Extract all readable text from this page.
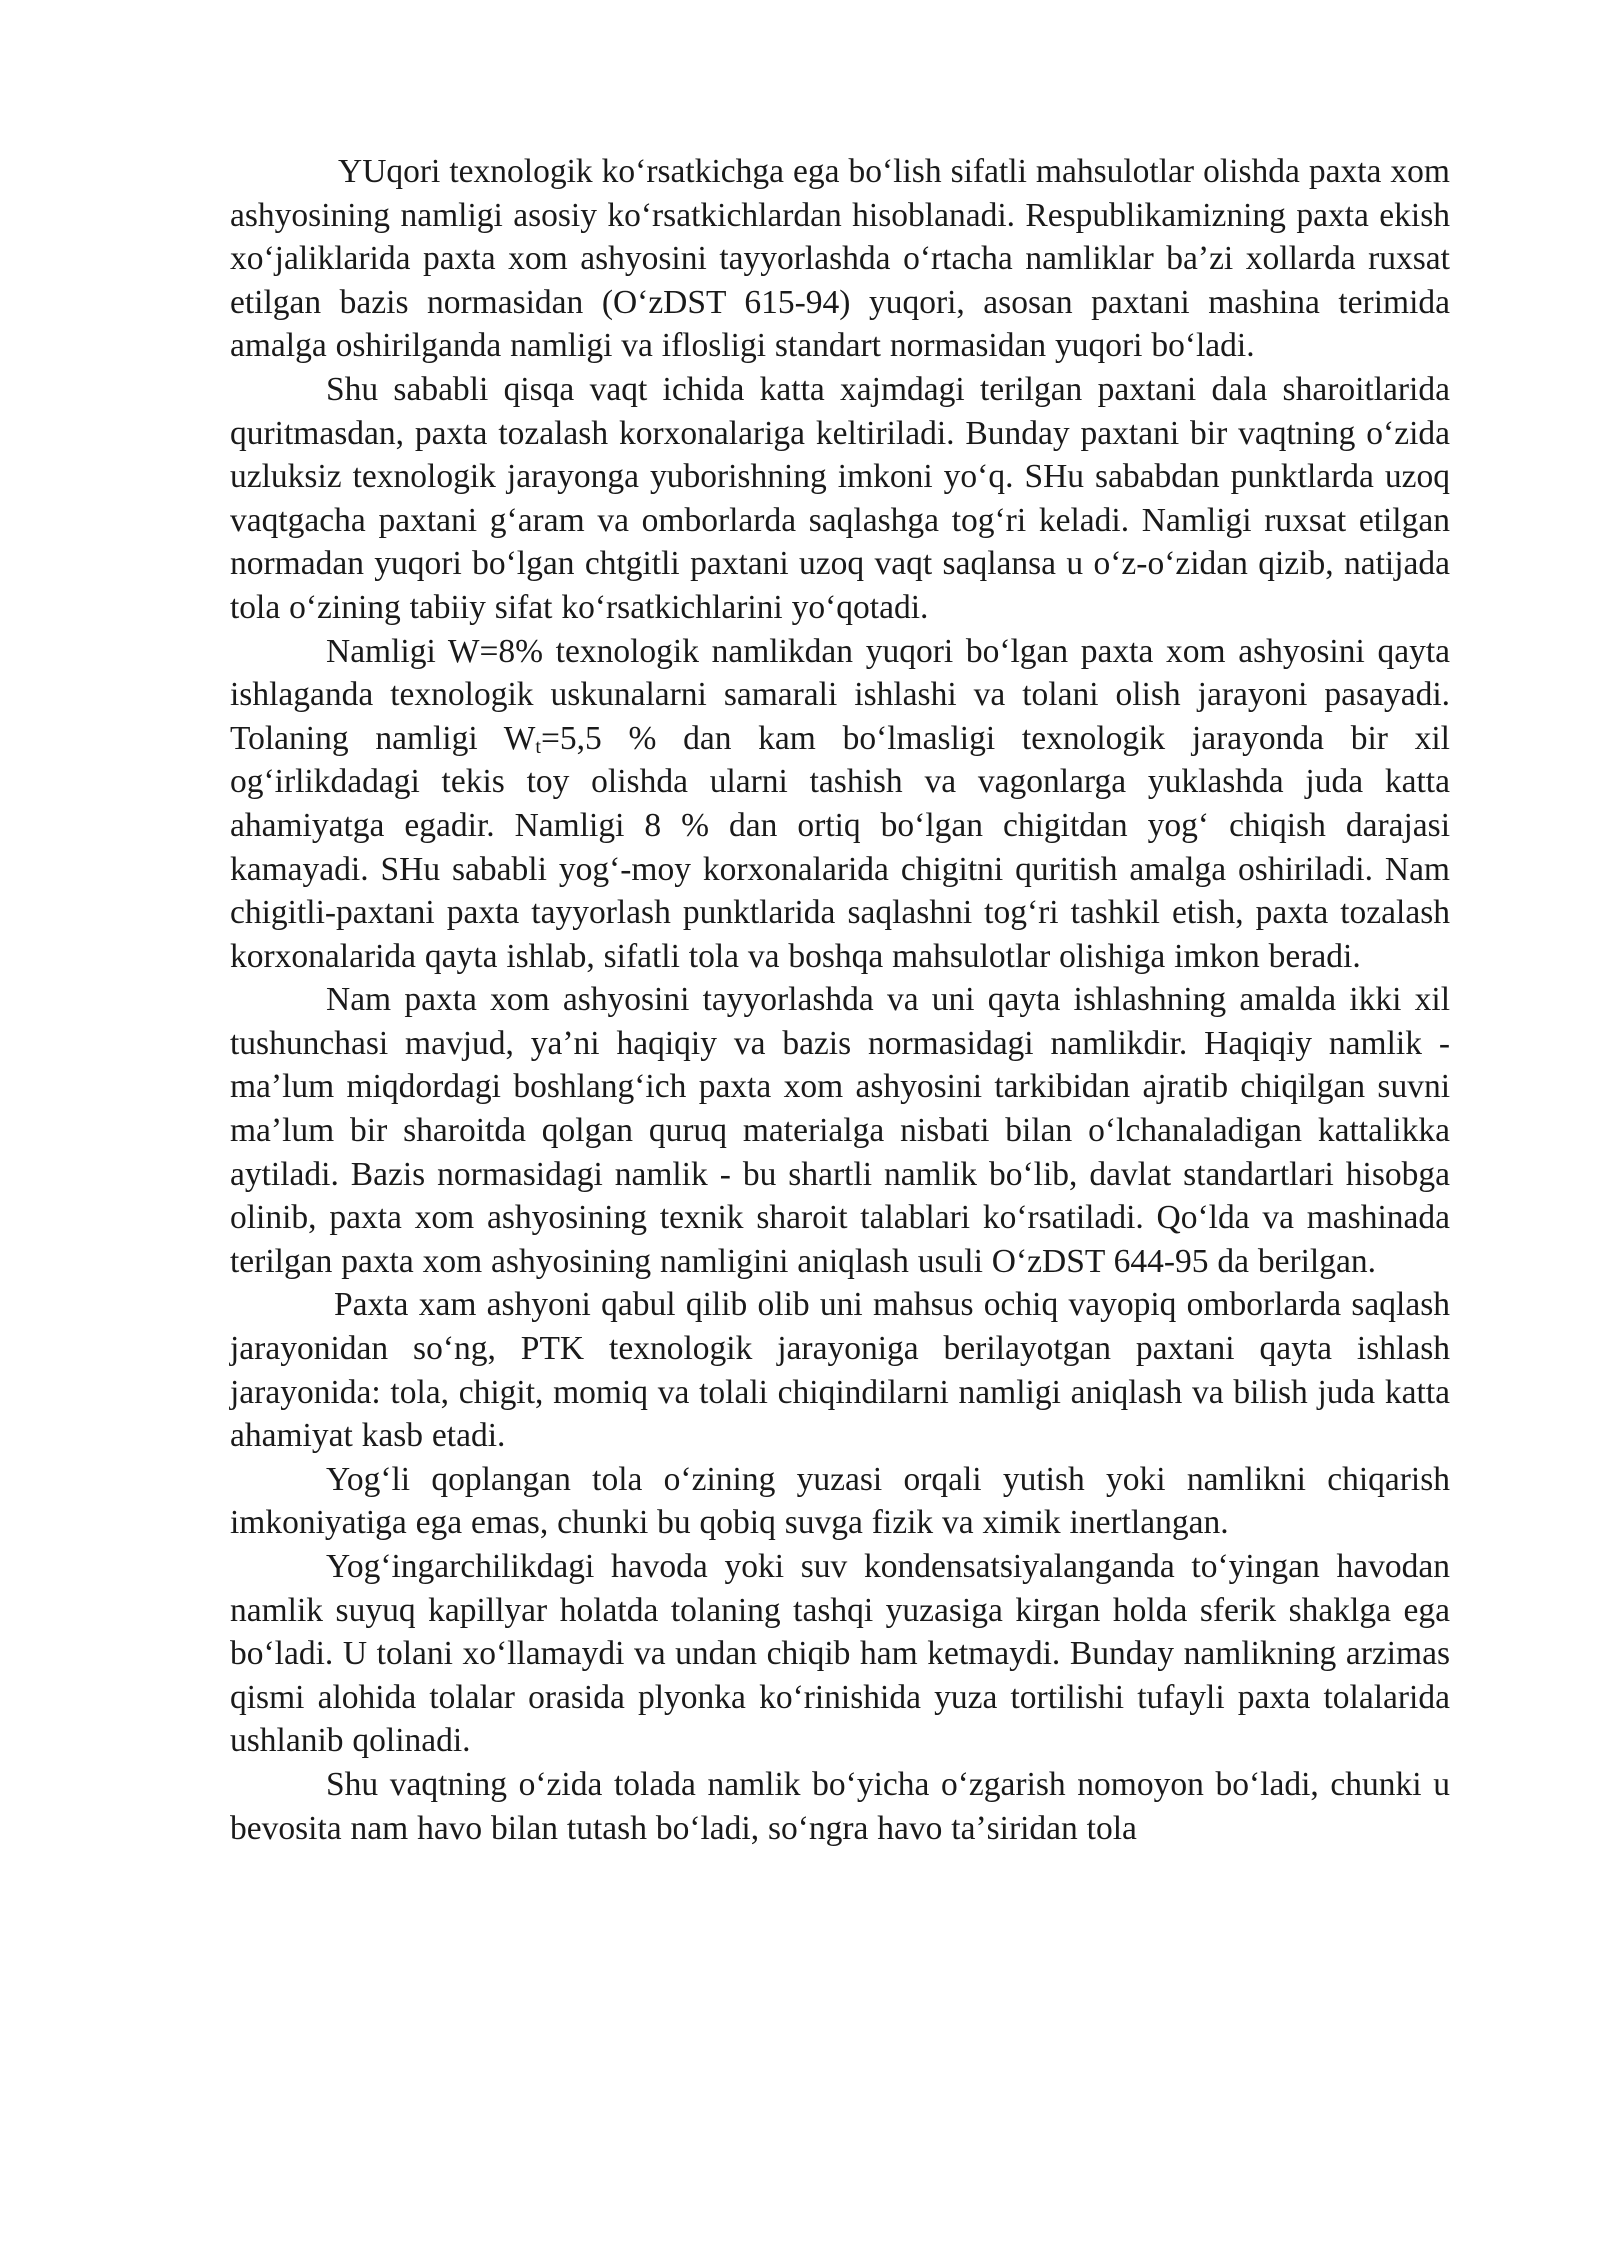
YUqori texnologik koʻrsatkichga ega boʻlish sifatli mahsulotlar olishda paxta xom ashyosining namligi asosiy koʻrsatkichlardan hisoblanadi. Respublikamizning paxta ekish xoʻjaliklarida paxta xom ashyosini tayyorlashda oʻrtacha namliklar baʼzi xollarda ruxsat etilgan bazis normasidan (OʻzDST 615-94) yuqori, asosan paxtani mashina terimida amalga oshirilganda namligi va iflosligi standart normasidan yuqori boʻladi.

Shu sababli qisqa vaqt ichida katta xajmdagi terilgan paxtani dala sharoitlarida quritmasdan, paxta tozalash korxonalariga keltiriladi. Bunday paxtani bir vaqtning oʻzida uzluksiz texnologik jarayonga yuborishning imkoni yoʻq. SHu sababdan punktlarda uzoq vaqtgacha paxtani gʻaram va omborlarda saqlashga togʻri keladi. Namligi ruxsat etilgan normadan yuqori boʻlgan chtgitli paxtani uzoq vaqt saqlansa u oʻz-oʻzidan qizib, natijada tola oʻzining tabiiy sifat koʻrsatkichlarini yoʻqotadi.

Namligi W=8% texnologik namlikdan yuqori boʻlgan paxta xom ashyosini qayta ishlaganda texnologik uskunalarni samarali ishlashi va tolani olish jarayoni pasayadi. Tolaning namligi $W_t=5,5$ % dan kam boʻlmasligi texnologik jarayonda bir xil ogʻirlikdadagi tekis toy olishda ularni tashish va vagonlarga yuklashda juda katta ahamiyatga egadir. Namligi 8 % dan ortiq boʻlgan chigitdan yogʻ chiqish darajasi kamayadi. SHu sababli yogʻ-moy korxonalarida chigitni quritish amalga oshiriladi. Nam chigitli-paxtani paxta tayyorlash punktlarida saqlashni togʻri tashkil etish, paxta tozalash korxonalarida qayta ishlab, sifatli tola va boshqa mahsulotlar olishiga imkon beradi.

Nam paxta xom ashyosini tayyorlashda va uni qayta ishlashning amalda ikki xil tushunchasi mavjud, yaʼni haqiqiy va bazis normasidagi namlikdir. Haqiqiy namlik - maʼlum miqdordagi boshlangʻich paxta xom ashyosini tarkibidan ajratib chiqilgan suvni maʼlum bir sharoitda qolgan quruq materialga nisbati bilan oʻlchanaladigan kattalikka aytiladi. Bazis normasidagi namlik - bu shartli namlik boʻlib, davlat standartlari hisobga olinib, paxta xom ashyosining texnik sharoit talablari koʻrsatiladi. Qoʻlda va mashinada terilgan paxta xom ashyosining namligini aniqlash usuli OʻzDST 644-95 da berilgan.

Paxta xam ashyoni qabul qilib olib uni mahsus ochiq vayopiq omborlarda saqlash jarayonidan soʻng, PTK texnologik jarayoniga berilayotgan paxtani qayta ishlash jarayonida: tola, chigit, momiq va tolali chiqindilarni namligi aniqlash va bilish juda katta ahamiyat kasb etadi.

Yogʻli qoplangan tola oʻzining yuzasi orqali yutish yoki namlikni chiqarish imkoniyatiga ega emas, chunki bu qobiq suvga fizik va ximik inertlangan.

Yogʻingarchilikdagi havoda yoki suv kondensatsiyalanganda toʻyingan havodan namlik suyuq kapillyar holatda tolaning tashqi yuzasiga kirgan holda sferik shaklga ega boʻladi. U tolani xoʻllamaydi va undan chiqib ham ketmaydi. Bunday namlikning arzimas qismi alohida tolalar orasida plyonka koʻrinishida yuza tortilishi tufayli paxta tolalarida ushlanib qolinadi.

Shu vaqtning oʻzida tolada namlik boʻyicha oʻzgarish nomoyon boʻladi, chunki u bevosita nam havo bilan tutash boʻladi, soʻngra havo taʼsiridan tola
